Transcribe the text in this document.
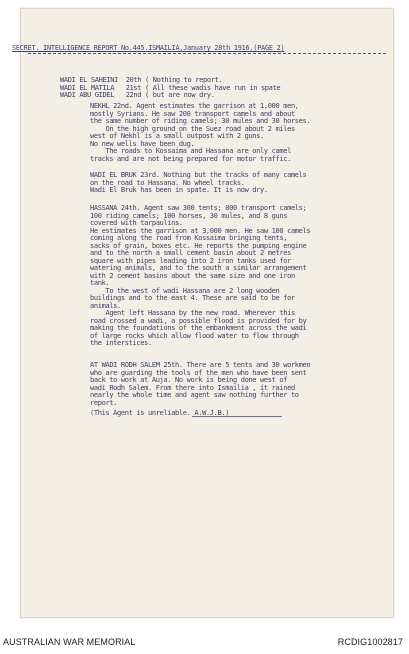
SECRET. INTELLIGENCE REPORT No.445.ISMAILIA,January 28th 1916.(PAGE 2)
WADI EL SAHEINI  20th ( Nothing to report.
WADI EL MATILA   21st ( All these wadis have run in spate
WADI ABU GIDEL   22nd ( but are now dry.
NEKHL 22nd. Agent estimates the garrison at 1,000 men,
mostly Syrians. He saw 200 transport camels and about
the same number of riding camels; 30 mules and 30 horses.
On the high ground on the Suez road about 2 miles
west of Nekhl is a small outpost with 2 guns.
No new wells have been dug.
The roads to Kossaima and Hassana are only camel
tracks and are not being prepared for motor traffic.
WADI EL BRUK 23rd. Nothing but the tracks of many camels
on the road to Hassana. No wheel tracks.
Wadi El Bruk has been in spate. It is now dry.
HASSANA 24th. Agent saw 300 tents; 800 transport camels;
100 riding camels; 100 horses, 30 mules, and 8 guns
covered with tarpaulins.
He estimates the garrison at 3,000 men. He saw 100 camels
coming along the road from Kossaima bringing tents,
sacks of grain, boxes etc. He reports the pumping engine
and to the north a small cement basin about 2 metres
square with pipes leading into 2 iron tanks used for
watering animals, and to the south a similar arrangement
with 2 cement basins about the same size and one iron
tank.
To the west of wadi Hassana are 2 long wooden
buildings and to the east 4. These are said to be for
animals.
Agent left Hassana by the new road. Wherever this
road crossed a wadi, a possible flood is provided for by
making the foundations of the embankment across the wadi
of large rocks which allow flood water to flow through
the interstices.
AT WADI RODH SALEM 25th. There are 5 tents and 30 workmen
who are guarding the tools of the men who have been sent
back to work at Auja. No work is being done west of
wadi Rodh Salem. From there into Ismailia , it rained
nearly the whole time and agent saw nothing further to
report.
(This Agent is unreliable. A.W.J.B.)
AUSTRALIAN WAR MEMORIAL	RCDIG1002817
